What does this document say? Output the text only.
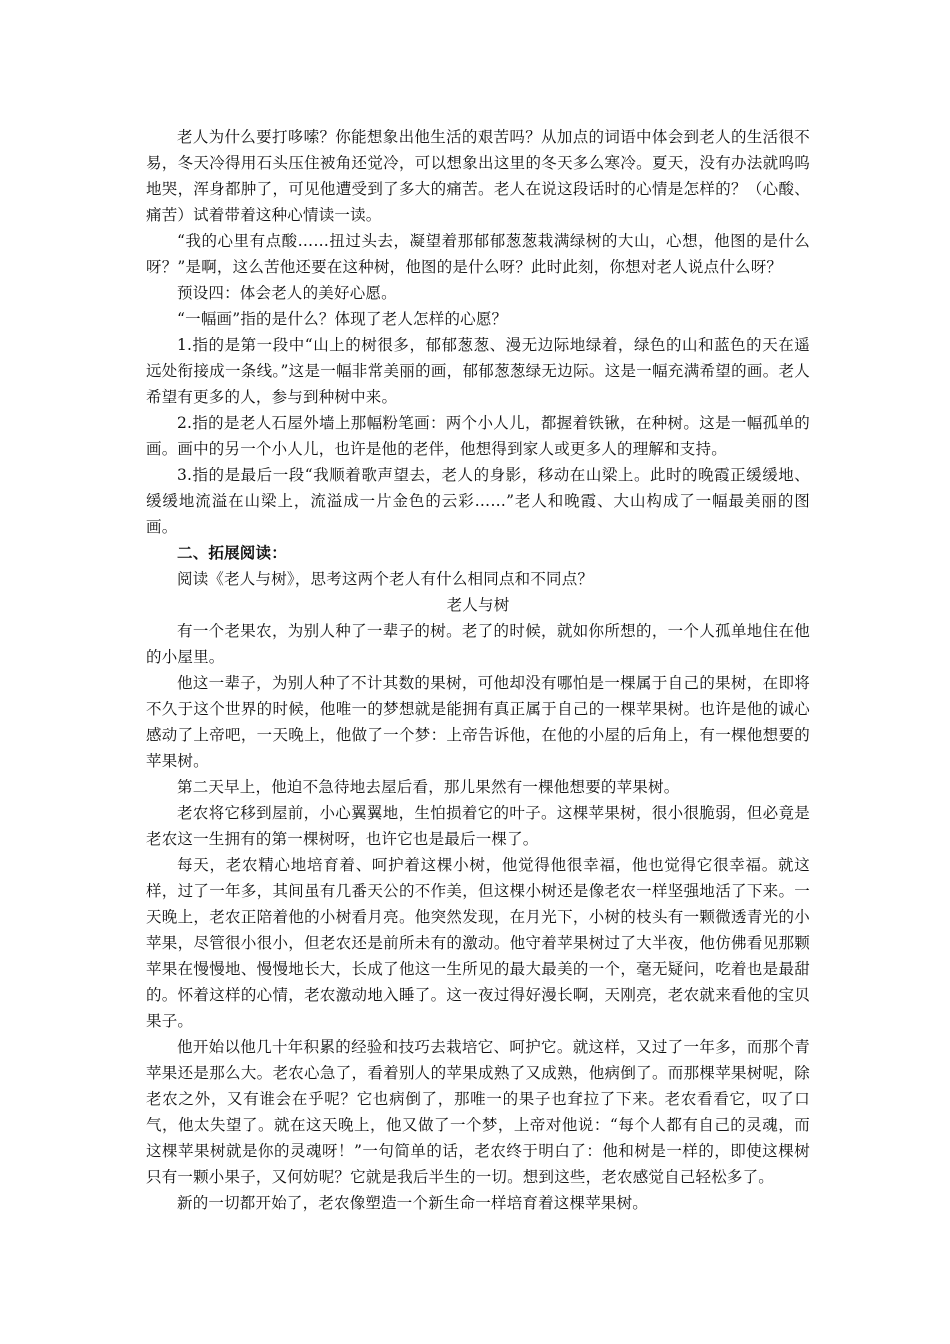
老人为什么要打哆嗦？你能想象出他生活的艰苦吗？从加点的词语中体会到老人的生活很不易，冬天冷得用石头压住被角还觉冷，可以想象出这里的冬天多么寒冷。夏天，没有办法就呜呜地哭，浑身都肿了，可见他遭受到了多大的痛苦。老人在说这段话时的心情是怎样的？（心酸、痛苦）试着带着这种心情读一读。

“我的心里有点酸……扭过头去，凝望着那郁郁葱葱栽满绿树的大山，心想，他图的是什么呀？”是啊，这么苦他还要在这种树，他图的是什么呀？此时此刻，你想对老人说点什么呀？

预设四：体会老人的美好心愿。

“一幅画”指的是什么？体现了老人怎样的心愿？

1.指的是第一段中“山上的树很多，郁郁葱葱、漫无边际地绿着，绿色的山和蓝色的天在遥远处衔接成一条线。”这是一幅非常美丽的画，郁郁葱葱绿无边际。这是一幅充满希望的画。老人希望有更多的人，参与到种树中来。

2.指的是老人石屋外墙上那幅粉笔画：两个小人儿，都握着铁锹，在种树。这是一幅孤单的画。画中的另一个小人儿，也许是他的老伴，他想得到家人或更多人的理解和支持。

3.指的是最后一段“我顺着歌声望去，老人的身影，移动在山梁上。此时的晚霞正缓缓地、缓缓地流溢在山梁上，流溢成一片金色的云彩……”老人和晚霞、大山构成了一幅最美丽的图画。

二、拓展阅读：

阅读《老人与树》，思考这两个老人有什么相同点和不同点？

老人与树

有一个老果农，为别人种了一辈子的树。老了的时候，就如你所想的，一个人孤单地住在他的小屋里。

他这一辈子，为别人种了不计其数的果树，可他却没有哪怕是一棵属于自己的果树，在即将不久于这个世界的时候，他唯一的梦想就是能拥有真正属于自己的一棵苹果树。也许是他的诚心感动了上帝吧，一天晚上，他做了一个梦：上帝告诉他，在他的小屋的后角上，有一棵他想要的苹果树。

第二天早上，他迫不急待地去屋后看，那儿果然有一棵他想要的苹果树。

老农将它移到屋前，小心翼翼地，生怕损着它的叶子。这棵苹果树，很小很脆弱，但必竟是老农这一生拥有的第一棵树呀，也许它也是最后一棵了。

每天，老农精心地培育着、呵护着这棵小树，他觉得他很幸福，他也觉得它很幸福。就这样，过了一年多，其间虽有几番天公的不作美，但这棵小树还是像老农一样坚强地活了下来。一天晚上，老农正陪着他的小树看月亮。他突然发现，在月光下，小树的枝头有一颗微透青光的小苹果，尽管很小很小，但老农还是前所未有的激动。他守着苹果树过了大半夜，他仿佛看见那颗苹果在慢慢地、慢慢地长大，长成了他这一生所见的最大最美的一个，毫无疑问，吃着也是最甜的。怀着这样的心情，老农激动地入睡了。这一夜过得好漫长啊，天刚亮，老农就来看他的宝贝果子。

他开始以他几十年积累的经验和技巧去栽培它、呵护它。就这样，又过了一年多，而那个青苹果还是那么大。老农心急了，看着别人的苹果成熟了又成熟，他病倒了。而那棵苹果树呢，除老农之外，又有谁会在乎呢？它也病倒了，那唯一的果子也耷拉了下来。老农看看它，叹了口气，他太失望了。就在这天晚上，他又做了一个梦，上帝对他说：“每个人都有自己的灵魂，而这棵苹果树就是你的灵魂呀！”一句简单的话，老农终于明白了：他和树是一样的，即使这棵树只有一颗小果子，又何妨呢？它就是我后半生的一切。想到这些，老农感觉自己轻松多了。

新的一切都开始了，老农像塑造一个新生命一样培育着这棵苹果树。
